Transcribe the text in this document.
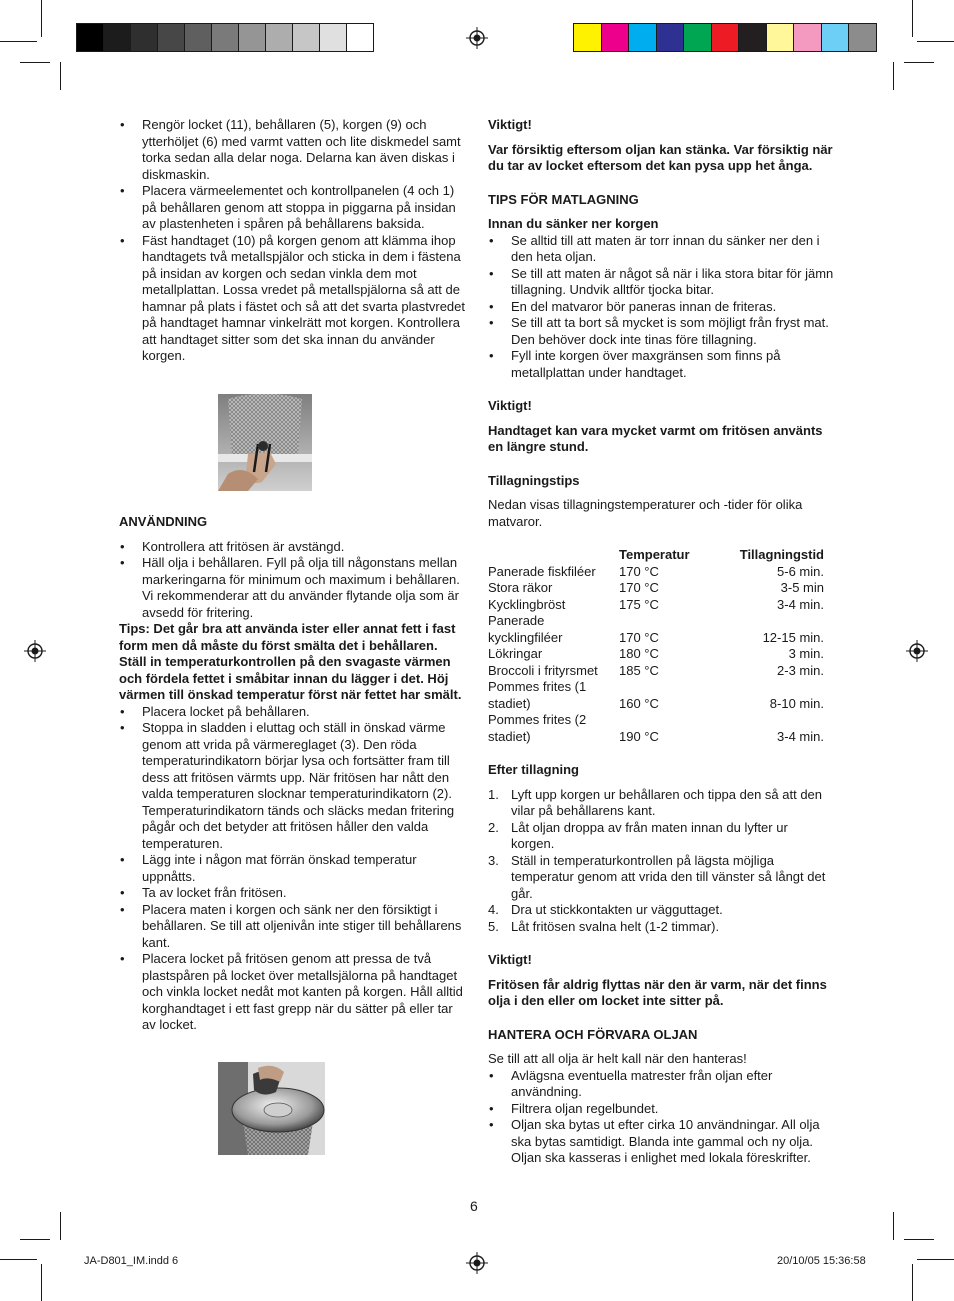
• Rengör locket (11), behållaren (5), korgen (9) och ytterhöljet (6) med varmt vatten och lite diskmedel samt torka sedan alla delar noga. Delarna kan även diskas i diskmaskin.
• Placera värmeelementet och kontrollpanelen (4 och 1) på behållaren genom att stoppa in piggarna på insidan av plastenheten i spåren på behållarens baksida.
• Fäst handtaget (10) på korgen genom att klämma ihop handtagets två metallspjälor och sticka in dem i fästena på insidan av korgen och sedan vinkla dem mot metallplattan. Lossa vredet på metallspjälorna så att de hamnar på plats i fästet och så att det svarta plastvredet på handtaget hamnar vinkelrätt mot korgen. Kontrollera att handtaget sitter som det ska innan du använder korgen.

ANVÄNDNING

• Kontrollera att fritösen är avstängd.
• Häll olja i behållaren. Fyll på olja till någonstans mellan markeringarna för minimum och maximum i behållaren. Vi rekommenderar att du använder flytande olja som är avsedd för fritering.

Tips: Det går bra att använda ister eller annat fett i fast form men då måste du först smälta det i behållaren. Ställ in temperaturkontrollen på den svagaste värmen och fördela fettet i småbitar innan du lägger i det. Höj värmen till önskad temperatur först när fettet har smält.

• Placera locket på behållaren.
• Stoppa in sladden i eluttag och ställ in önskad värme genom att vrida på värmereglaget (3). Den röda temperaturindikatorn börjar lysa och fortsätter fram till dess att fritösen värmts upp. När fritösen har nått den valda temperaturen slocknar temperaturindikatorn (2). Temperaturindikatorn tänds och släcks medan fritering pågår och det betyder att fritösen håller den valda temperaturen.
• Lägg inte i någon mat förrän önskad temperatur uppnåtts.
• Ta av locket från fritösen.
• Placera maten i korgen och sänk ner den försiktigt i behållaren. Se till att oljenivån inte stiger till behållarens kant.
• Placera locket på fritösen genom att pressa de två plastspåren på locket över metallsjälorna på handtaget och vinkla locket nedåt mot kanten på korgen. Håll alltid korghandtaget i ett fast grepp när du sätter på eller tar av locket.

Viktigt!

Var försiktig eftersom oljan kan stänka. Var försiktig när du tar av locket eftersom det kan pysa upp het ånga.

TIPS FÖR MATLAGNING

Innan du sänker ner korgen

• Se alltid till att maten är torr innan du sänker ner den i den heta oljan.
• Se till att maten är något så när i lika stora bitar för jämn tillagning. Undvik alltför tjocka bitar.
• En del matvaror bör paneras innan de friteras.
• Se till att ta bort så mycket is som möjligt från fryst mat. Den behöver dock inte tinas före tillagning.
• Fyll inte korgen över maxgränsen som finns på metallplattan under handtaget.

Viktigt!

Handtaget kan vara mycket varmt om fritösen använts en längre stund.

Tillagningstips

Nedan visas tillagningstemperaturer och -tider för olika matvaror.

	Temperatur	Tillagningstid
Panerade fiskfiléer	170 °C	5-6 min.
Stora räkor	170 °C	3-5 min
Kycklingbröst	175 °C	3-4 min.
Panerade kycklingfiléer	170 °C	12-15 min.
Lökringar	180 °C	3 min.
Broccoli i frityrsmet	185 °C	2-3 min.
Pommes frites (1 stadiet)	160 °C	8-10 min.
Pommes frites (2 stadiet)	190 °C	3-4 min.

Efter tillagning

1. Lyft upp korgen ur behållaren och tippa den så att den vilar på behållarens kant.
2. Låt oljan droppa av från maten innan du lyfter ur korgen.
3. Ställ in temperaturkontrollen på lägsta möjliga temperatur genom att vrida den till vänster så långt det går.
4. Dra ut stickkontakten ur vägguttaget.
5. Låt fritösen svalna helt (1-2 timmar).

Viktigt!

Fritösen får aldrig flyttas när den är varm, när det finns olja i den eller om locket inte sitter på.

HANTERA OCH FÖRVARA OLJAN

Se till att all olja är helt kall när den hanteras!

• Avlägsna eventuella matrester från oljan efter användning.
• Filtrera oljan regelbundet.
• Oljan ska bytas ut efter cirka 10 användningar. All olja ska bytas samtidigt. Blanda inte gammal och ny olja. Oljan ska kasseras i enlighet med lokala föreskrifter.
6
JA-D801_IM.indd 6	20/10/05 15:36:58
